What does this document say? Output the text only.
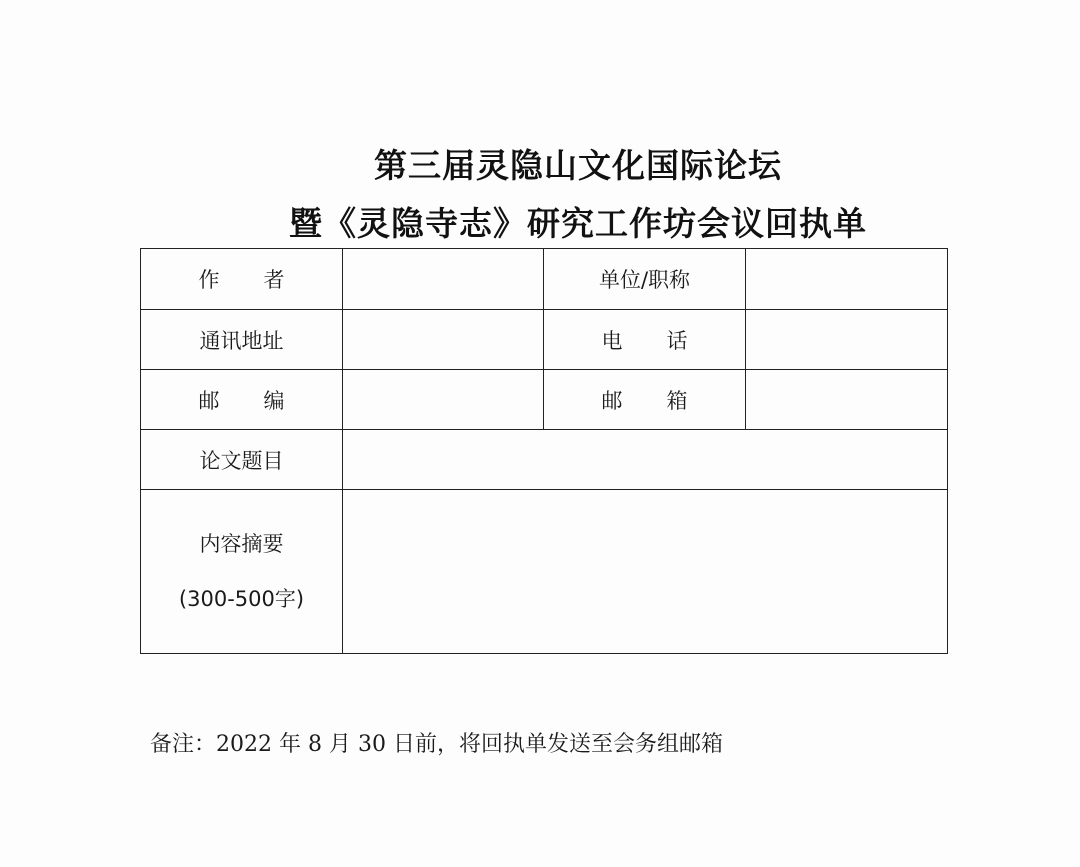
第三届灵隐山文化国际论坛
暨《灵隐寺志》研究工作坊会议回执单
作 者		单位/职称	
通讯地址		电 话	
邮 编		邮 箱	
论文题目			

内容摘要
(300-500字)			

备注：2022 年 8 月 30 日前，将回执单发送至会务组邮箱
